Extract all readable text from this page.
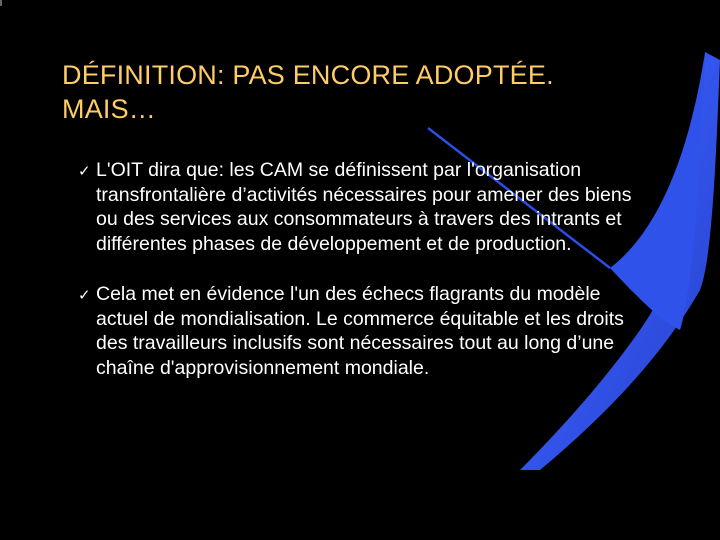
DÉFINITION: PAS ENCORE ADOPTÉE.
MAIS…
✓ L'OIT dira que: les CAM se définissent par l'organisation transfrontalière d’activités nécessaires pour amener des biens ou des services aux consommateurs à travers des intrants et différentes phases de développement et de production.
✓ Cela met en évidence l'un des échecs flagrants du modèle actuel de mondialisation. Le commerce équitable et les droits des travailleurs inclusifs sont nécessaires tout au long d’une chaîne d'approvisionnement mondiale.
